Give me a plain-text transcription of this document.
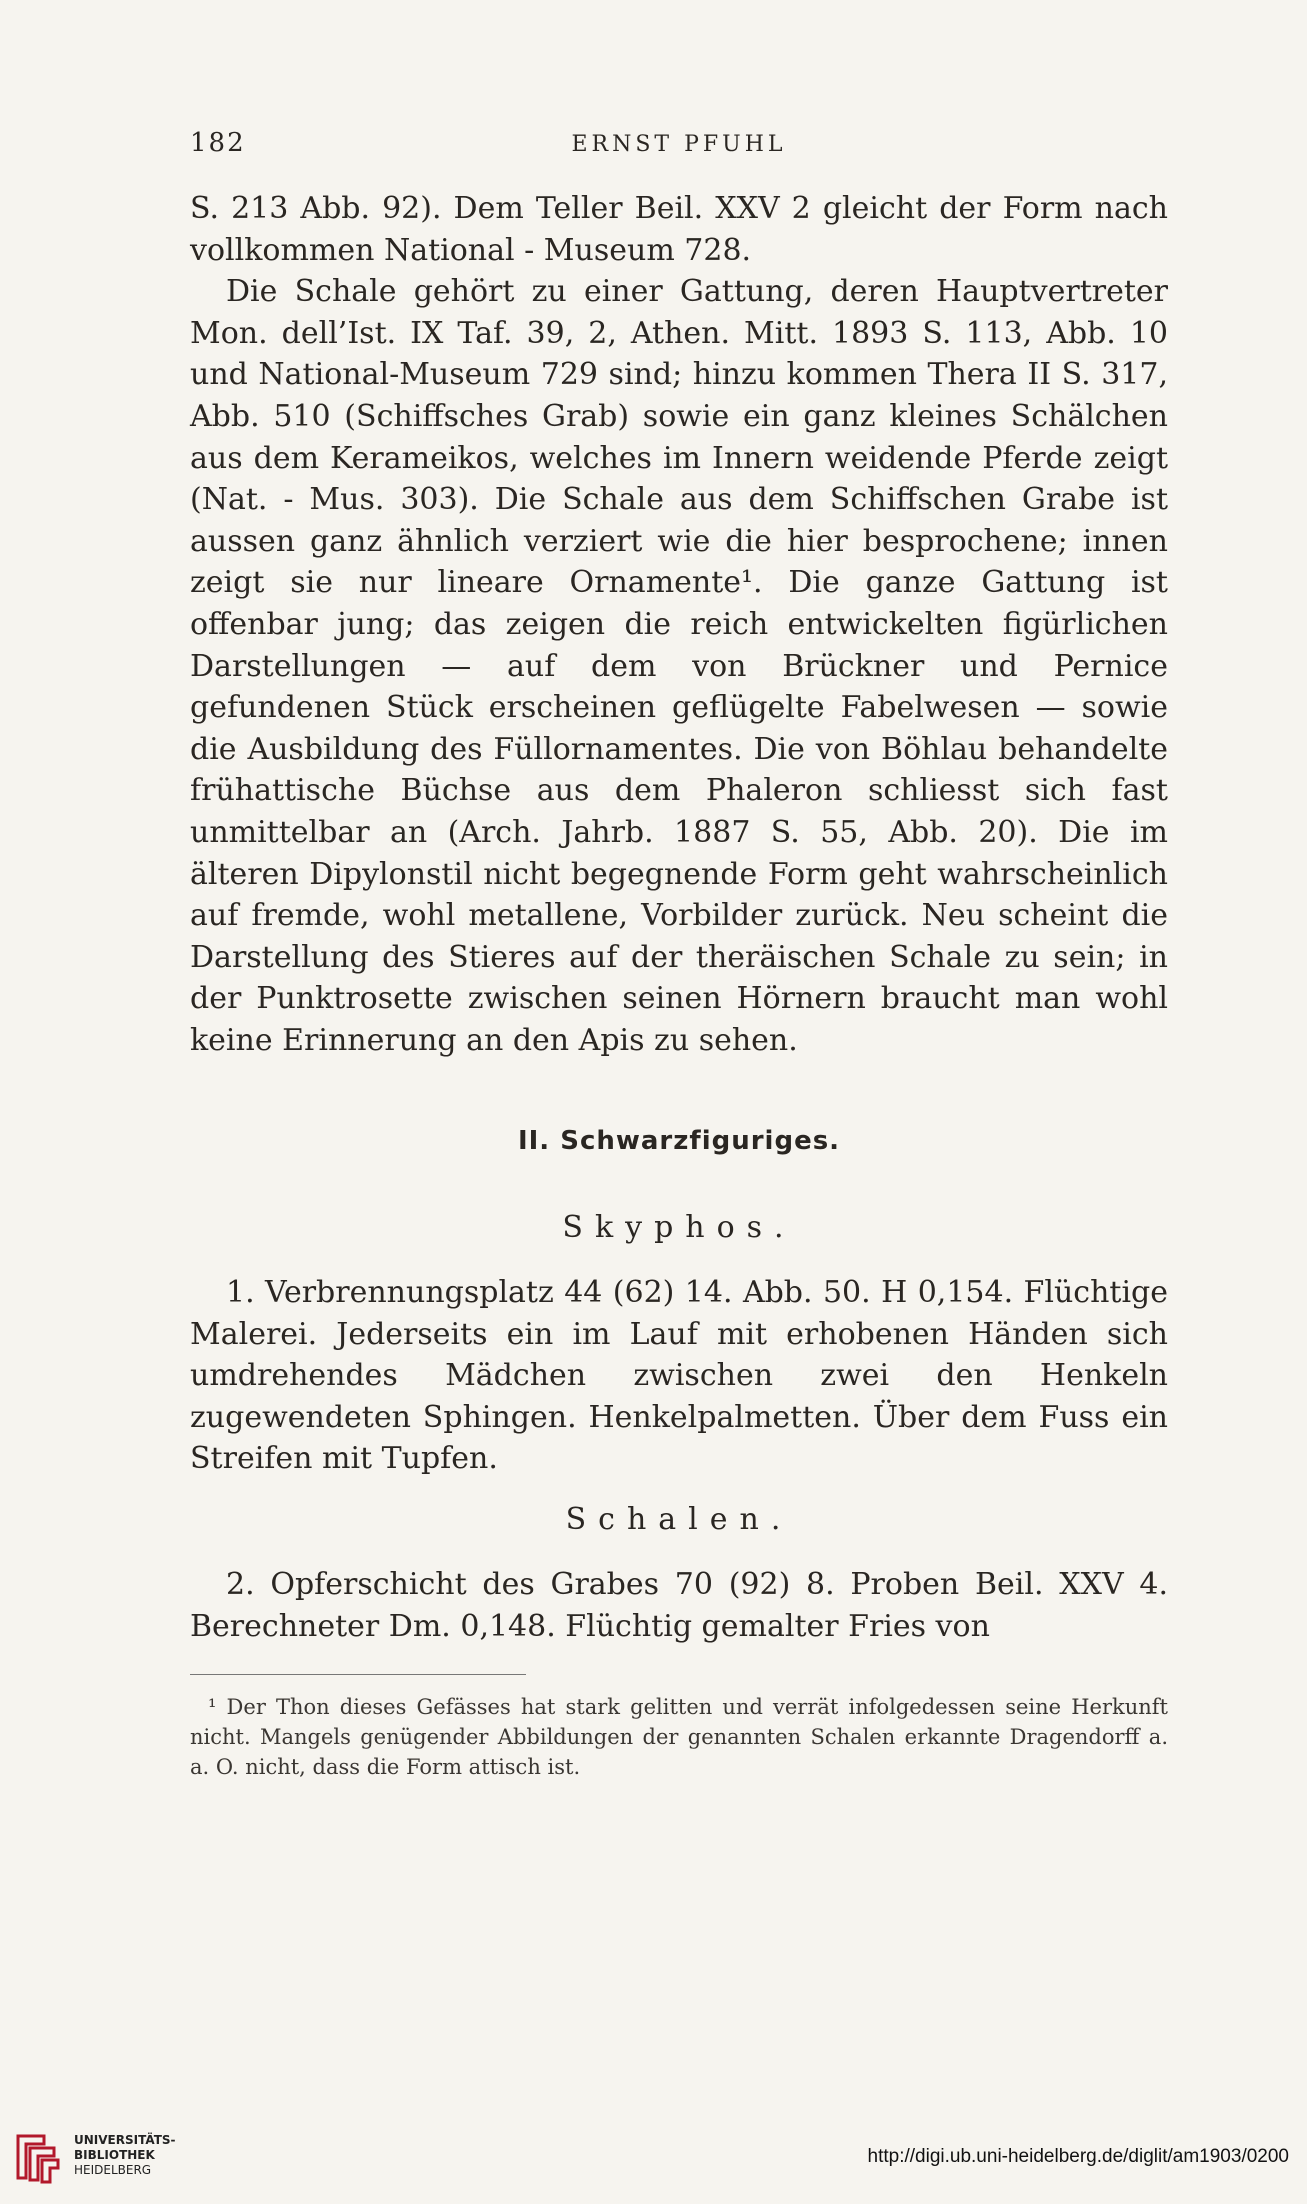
182	ERNST PFUHL

S. 213 Abb. 92). Dem Teller Beil. XXV 2 gleicht der Form nach vollkommen National - Museum 728.

Die Schale gehört zu einer Gattung, deren Hauptvertreter Mon. dell’Ist. IX Taf. 39, 2, Athen. Mitt. 1893 S. 113, Abb. 10 und National-Museum 729 sind; hinzu kommen Thera II S. 317, Abb. 510 (Schiffsches Grab) sowie ein ganz kleines Schälchen aus dem Kerameikos, welches im Innern weidende Pferde zeigt (Nat. - Mus. 303). Die Schale aus dem Schiffschen Grabe ist aussen ganz ähnlich verziert wie die hier besprochene; innen zeigt sie nur lineare Ornamente¹. Die ganze Gattung ist offenbar jung; das zeigen die reich entwickelten figürlichen Darstellungen — auf dem von Brückner und Pernice gefundenen Stück erscheinen geflügelte Fabelwesen — sowie die Ausbildung des Füllornamentes. Die von Böhlau behandelte frühattische Büchse aus dem Phaleron schliesst sich fast unmittelbar an (Arch. Jahrb. 1887 S. 55, Abb. 20). Die im älteren Dipylonstil nicht begegnende Form geht wahrscheinlich auf fremde, wohl metallene, Vorbilder zurück. Neu scheint die Darstellung des Stieres auf der theräischen Schale zu sein; in der Punktrosette zwischen seinen Hörnern braucht man wohl keine Erinnerung an den Apis zu sehen.

II. Schwarzfiguriges.
Skyphos.

1. Verbrennungsplatz 44 (62) 14. Abb. 50. H 0,154. Flüchtige Malerei. Jederseits ein im Lauf mit erhobenen Händen sich umdrehendes Mädchen zwischen zwei den Henkeln zugewendeten Sphingen. Henkelpalmetten. Über dem Fuss ein Streifen mit Tupfen.

Schalen.

2. Opferschicht des Grabes 70 (92) 8. Proben Beil. XXV 4. Berechneter Dm. 0,148. Flüchtig gemalter Fries von

¹ Der Thon dieses Gefässes hat stark gelitten und verrät infolgedessen seine Herkunft nicht. Mangels genügender Abbildungen der genannten Schalen erkannte Dragendorff a. a. O. nicht, dass die Form attisch ist.

UNIVERSITÄTS-
BIBLIOTHEK
HEIDELBERG
http://digi.ub.uni-heidelberg.de/diglit/am1903/0200
